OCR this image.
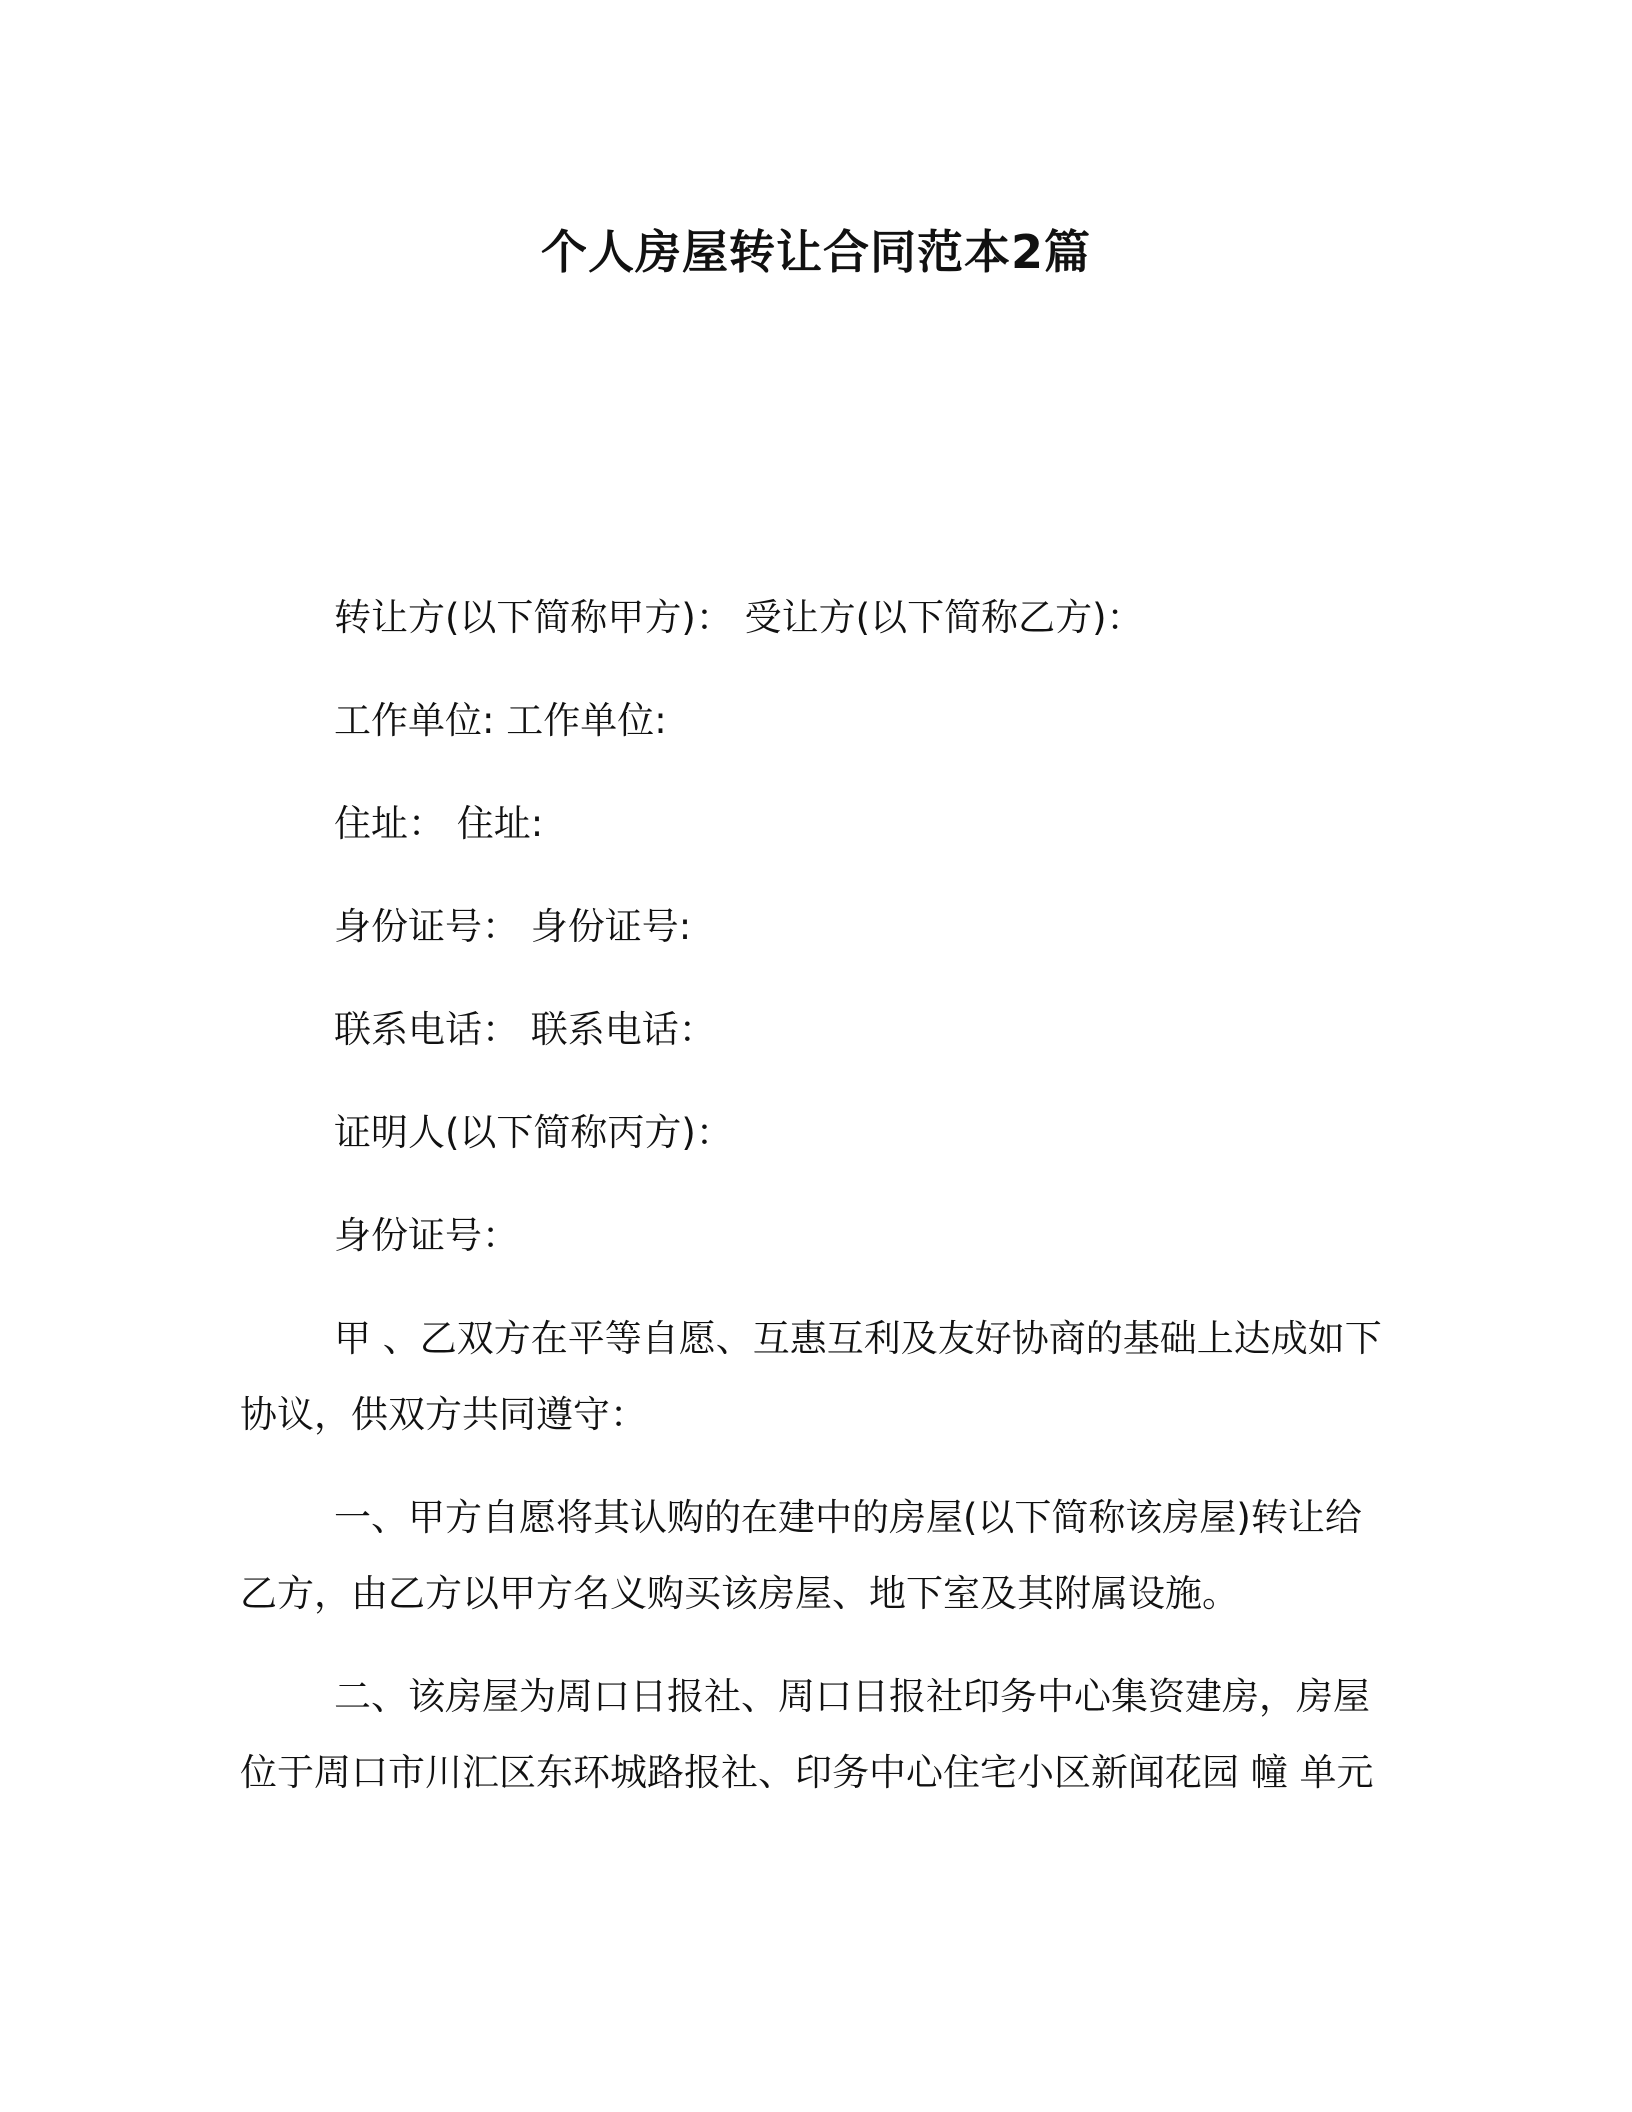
个人房屋转让合同范本2篇
转让方(以下简称甲方)： 受让方(以下简称乙方)：
工作单位: 工作单位:
住址： 住址:
身份证号： 身份证号:
联系电话： 联系电话：
证明人(以下简称丙方)：
身份证号：
甲 、乙双方在平等自愿、互惠互利及友好协商的基础上达成如下
协议，供双方共同遵守：
一、甲方自愿将其认购的在建中的房屋(以下简称该房屋)转让给
乙方，由乙方以甲方名义购买该房屋、地下室及其附属设施。
二、该房屋为周口日报社、周口日报社印务中心集资建房，房屋
位于周口市川汇区东环城路报社、印务中心住宅小区新闻花园 幢 单元
